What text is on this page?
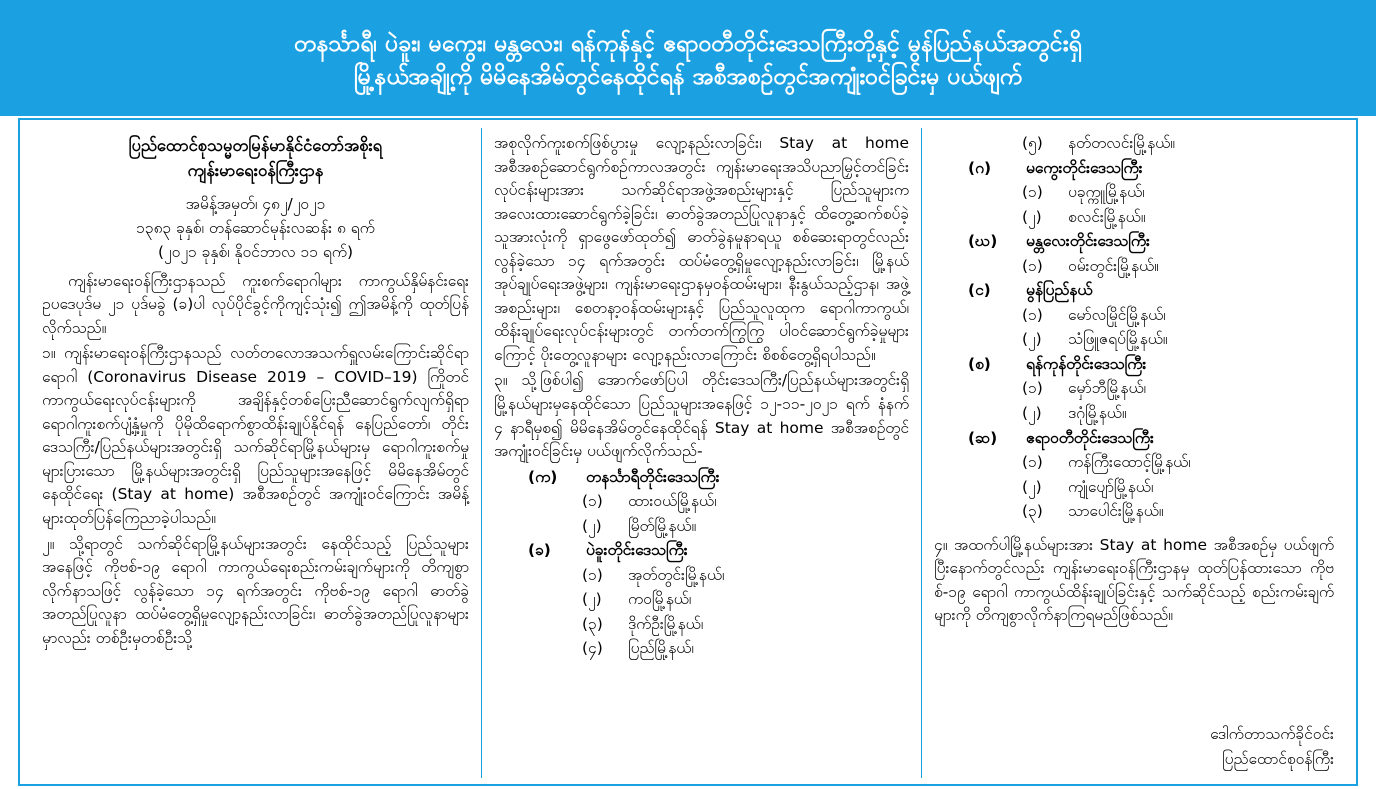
တနင်္သာရီ၊ ပဲခူး၊ မကွေး၊ မန္တလေး၊ ရန်ကုန်နှင့် ဧရာဝတီတိုင်းဒေသကြီးတို့နှင့် မွန်ပြည်နယ်အတွင်းရှိ
မြို့နယ်အချို့ကို မိမိနေအိမ်တွင်နေထိုင်ရန် အစီအစဉ်တွင်အကျုံးဝင်ခြင်းမှ ပယ်ဖျက်
ပြည်ထောင်စုသမ္မတမြန်မာနိုင်ငံတော်အစိုးရ
ကျန်းမာရေးဝန်ကြီးဌာန
အမိန့်အမှတ်၊ ၄၈၂/၂၀၂၁
၁၃၈၃ ခုနှစ်၊ တန်ဆောင်မုန်းလဆန်း ၈ ရက်
(၂၀၂၁ ခုနှစ်၊ နိုဝင်ဘာလ ၁၁ ရက်)

ကျန်းမာရေးဝန်ကြီးဌာနသည် ကူးစက်ရောဂါများ ကာကွယ်နှိမ်နင်းရေး ဥပဒေပုဒ်မ ၂၁ ပုဒ်မခွဲ (ခ)ပါ လုပ်ပိုင်ခွင့်ကိုကျင့်သုံး၍ ဤအမိန့်ကို ထုတ်ပြန်လိုက်သည်။

၁။ ကျန်းမာရေးဝန်ကြီးဌာနသည် လတ်တလောအသက်ရှူလမ်းကြောင်းဆိုင်ရာရောဂါ (Coronavirus Disease 2019 – COVID–19) ကြိုတင်ကာကွယ်ရေးလုပ်ငန်းများကို အချိန်နှင့်တစ်ပြေးညီဆောင်ရွက်လျက်ရှိရာ ရောဂါကူးစက်ပျံ့နှံ့မှုကို ပိုမိုထိရောက်စွာထိန်းချုပ်နိုင်ရန် နေပြည်တော်၊ တိုင်းဒေသကြီး/ပြည်နယ်များအတွင်းရှိ သက်ဆိုင်ရာမြို့နယ်များမှ ရောဂါကူးစက်မှုများပြားသော မြို့နယ်များအတွင်းရှိ ပြည်သူများအနေဖြင့် မိမိနေအိမ်တွင်နေထိုင်ရေး (Stay at home) အစီအစဉ်တွင် အကျုံးဝင်ကြောင်း အမိန့်များထုတ်ပြန်ကြေညာခဲ့ပါသည်။

၂။ သို့ရာတွင် သက်ဆိုင်ရာမြို့နယ်များအတွင်း နေထိုင်သည့် ပြည်သူများအနေဖြင့် ကိုဗစ်-၁၉ ရောဂါ ကာကွယ်ရေးစည်းကမ်းချက်များကို တိကျစွာလိုက်နာသဖြင့် လွန်ခဲ့သော ၁၄ ရက်အတွင်း ကိုဗစ်-၁၉ ရောဂါ ဓာတ်ခွဲအတည်ပြုလူနာ ထပ်မံတွေ့ရှိမှုလျော့နည်းလာခြင်း၊ ဓာတ်ခွဲအတည်ပြုလူနာများမှာလည်း တစ်ဦးမှတစ်ဦးသို့

အစုလိုက်ကူးစက်ဖြစ်ပွားမှု လျော့နည်းလာခြင်း၊ Stay at home အစီအစဉ်ဆောင်ရွက်စဉ်ကာလအတွင်း ကျန်းမာရေးအသိပညာမြှင့်တင်ခြင်းလုပ်ငန်းများအား သက်ဆိုင်ရာအဖွဲ့အစည်းများနှင့် ပြည်သူများက အလေးထားဆောင်ရွက်ခဲ့ခြင်း၊ ဓာတ်ခွဲအတည်ပြုလူနာနှင့် ထိတွေ့ဆက်စပ်ခဲ့သူအားလုံးကို ရှာဖွေဖော်ထုတ်၍ ဓာတ်ခွဲနမူနာရယူ စစ်ဆေးရာတွင်လည်း လွန်ခဲ့သော ၁၄ ရက်အတွင်း ထပ်မံတွေ့ရှိမှုလျော့နည်းလာခြင်း၊ မြို့နယ်အုပ်ချုပ်ရေးအဖွဲ့များ၊ ကျန်းမာရေးဌာနမှဝန်ထမ်းများ၊ နီးနွယ်သည့်ဌာန၊ အဖွဲ့အစည်းများ၊ စေတနာ့ဝန်ထမ်းများနှင့် ပြည်သူလူထုက ရောဂါကာကွယ်၊ ထိန်းချုပ်ရေးလုပ်ငန်းများတွင် တက်တက်ကြွကြွ ပါဝင်ဆောင်ရွက်ခဲ့မှုများကြောင့် ပိုးတွေ့လူနာများ လျော့နည်းလာကြောင်း စိစစ်တွေ့ရှိရပါသည်။

၃။ သို့ဖြစ်ပါ၍ အောက်ဖော်ပြပါ တိုင်းဒေသကြီး/ပြည်နယ်များအတွင်းရှိ မြို့နယ်များမှနေထိုင်သော ပြည်သူများအနေဖြင့် ၁၂-၁၁-၂၀၂၁ ရက် နံနက် ၄ နာရီမှစ၍ မိမိနေအိမ်တွင်နေထိုင်ရန် Stay at home အစီအစဉ်တွင် အကျုံးဝင်ခြင်းမှ ပယ်ဖျက်လိုက်သည်-

(က)	တနင်္သာရီတိုင်းဒေသကြီး
(၁)	ထားဝယ်မြို့နယ်၊
(၂)	မြိတ်မြို့နယ်။
(ခ)	ပဲခူးတိုင်းဒေသကြီး
(၁)	အုတ်တွင်းမြို့နယ်၊
(၂)	ကဝမြို့နယ်၊
(၃)	ဒိုက်ဦးမြို့နယ်၊
(၄)	ပြည်မြို့နယ်၊
(၅)	နတ်တလင်းမြို့နယ်။
(ဂ)	မကွေးတိုင်းဒေသကြီး
(၁)	ပခုက္ကူမြို့နယ်၊
(၂)	စလင်းမြို့နယ်။
(ဃ)	မန္တလေးတိုင်းဒေသကြီး
(၁)	ဝမ်းတွင်းမြို့နယ်။
(င)	မွန်ပြည်နယ်
(၁)	မော်လမြိုင်မြို့နယ်၊
(၂)	သံဖြူဇရပ်မြို့နယ်။
(စ)	ရန်ကုန်တိုင်းဒေသကြီး
(၁)	မှော်ဘီမြို့နယ်၊
(၂)	ဒဂုံမြို့နယ်။
(ဆ)	ဧရာဝတီတိုင်းဒေသကြီး
(၁)	ကန်ကြီးထောင့်မြို့နယ်၊
(၂)	ကျုံပျော်မြို့နယ်၊
(၃)	သာပေါင်းမြို့နယ်။

၄။ အထက်ပါမြို့နယ်များအား Stay at home အစီအစဉ်မှ ပယ်ဖျက်ပြီးနောက်တွင်လည်း ကျန်းမာရေးဝန်ကြီးဌာနမှ ထုတ်ပြန်ထားသော ကိုဗစ်-၁၉ ရောဂါ ကာကွယ်ထိန်းချုပ်ခြင်းနှင့် သက်ဆိုင်သည့် စည်းကမ်းချက်များကို တိကျစွာလိုက်နာကြရမည်ဖြစ်သည်။

ဒေါက်တာသက်ခိုင်ဝင်း
ပြည်ထောင်စုဝန်ကြီး
